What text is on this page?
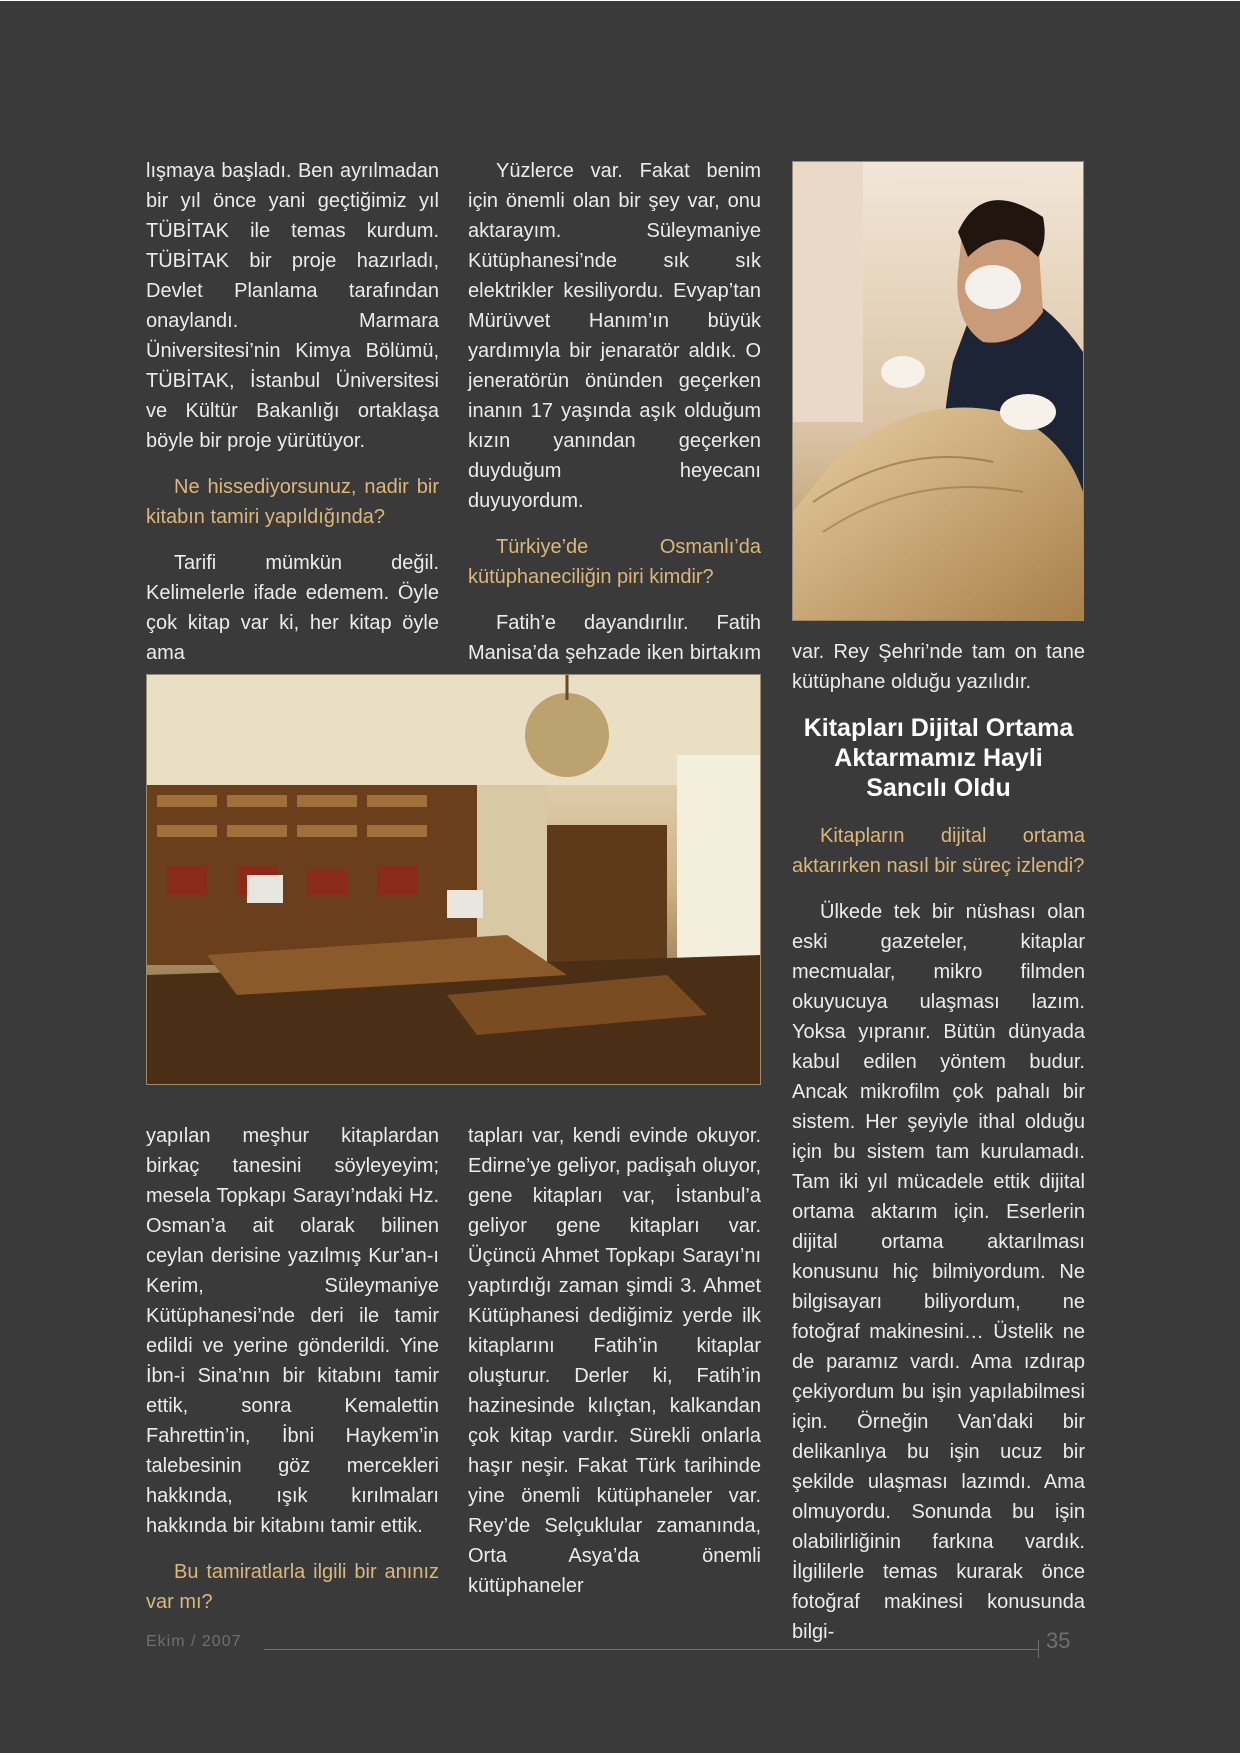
lışmaya başladı. Ben ayrılmadan bir yıl önce yani geçtiğimiz yıl TÜBİTAK ile temas kurdum. TÜBİTAK bir proje hazırladı, Devlet Planlama tarafından onaylandı. Marmara Üniversitesi’nin Kimya Bölümü, TÜBİTAK, İstanbul Üniversitesi ve Kültür Bakanlığı ortaklaşa böyle bir proje yürütüyor.

Ne hissediyorsunuz, nadir bir kitabın tamiri yapıldığında?

Tarifi mümkün değil. Kelimelerle ifade edemem. Öyle çok kitap var ki, her kitap öyle ama

Yüzlerce var. Fakat benim için önemli olan bir şey var, onu aktarayım. Süleymaniye Kütüphanesi’nde sık sık elektrikler kesiliyordu. Evyap’tan Mürüvvet Hanım’ın büyük yardımıyla bir jenaratör aldık. O jeneratörün önünden geçerken inanın 17 yaşında aşık olduğum kızın yanından geçerken duyduğum heyecanı duyuyordum.

Türkiye’de Osmanlı’da kütüphaneciliğin piri kimdir?

Fatih’e dayandırılır. Fatih Manisa’da şehzade iken birtakım var. Rey Şehri’nde tam on tane kütüphane olduğu yazılıdır.

Kitapları Dijital Ortama Aktarmamız Hayli Sancılı Oldu

Kitapların dijital ortama aktarırken nasıl bir süreç izlendi?

Ülkede tek bir nüshası olan eski gazeteler, kitaplar mecmualar, mikro filmden okuyucuya ulaşması lazım. Yoksa yıpranır. Bütün dünyada kabul edilen yöntem budur. Ancak mikrofilm çok pahalı bir sistem. Her şeyiyle ithal olduğu için bu sistem tam kurulamadı. Tam iki yıl mücadele ettik dijital ortama aktarım için. Eserlerin dijital ortama aktarılması konusunu hiç bilmiyordum. Ne bilgisayarı biliyordum, ne fotoğraf makinesini… Üstelik ne de paramız vardı. Ama ızdırap çekiyordum bu işin yapılabilmesi için. Örneğin Van’daki bir delikanlıya bu işin ucuz bir şekilde ulaşması lazımdı. Ama olmuyordu. Sonunda bu işin olabilirliğinin farkına vardık. İlgililerle temas kurarak önce fotoğraf makinesi konusunda bilgi-

yapılan meşhur kitaplardan birkaç tanesini söyleyeyim; mesela Topkapı Sarayı’ndaki Hz. Osman’a ait olarak bilinen ceylan derisine yazılmış Kur’an-ı Kerim, Süleymaniye Kütüphanesi’nde deri ile tamir edildi ve yerine gönderildi. Yine İbn-i Sina’nın bir kitabını tamir ettik, sonra Kemalettin Fahrettin’in, İbni Haykem’in talebesinin göz mercekleri hakkında, ışık kırılmaları hakkında bir kitabını tamir ettik.

Bu tamiratlarla ilgili bir anınız var mı?

tapları var, kendi evinde okuyor. Edirne’ye geliyor, padişah oluyor, gene kitapları var, İstanbul’a geliyor gene kitapları var. Üçüncü Ahmet Topkapı Sarayı’nı yaptırdığı zaman şimdi 3. Ahmet Kütüphanesi dediğimiz yerde ilk kitaplarını Fatih’in kitaplar oluşturur. Derler ki, Fatih’in hazinesinde kılıçtan, kalkandan çok kitap vardır. Sürekli onlarla haşır neşir. Fakat Türk tarihinde yine önemli kütüphaneler var. Rey’de Selçuklular zamanında, Orta Asya’da önemli kütüphaneler

Ekim / 2007	35
